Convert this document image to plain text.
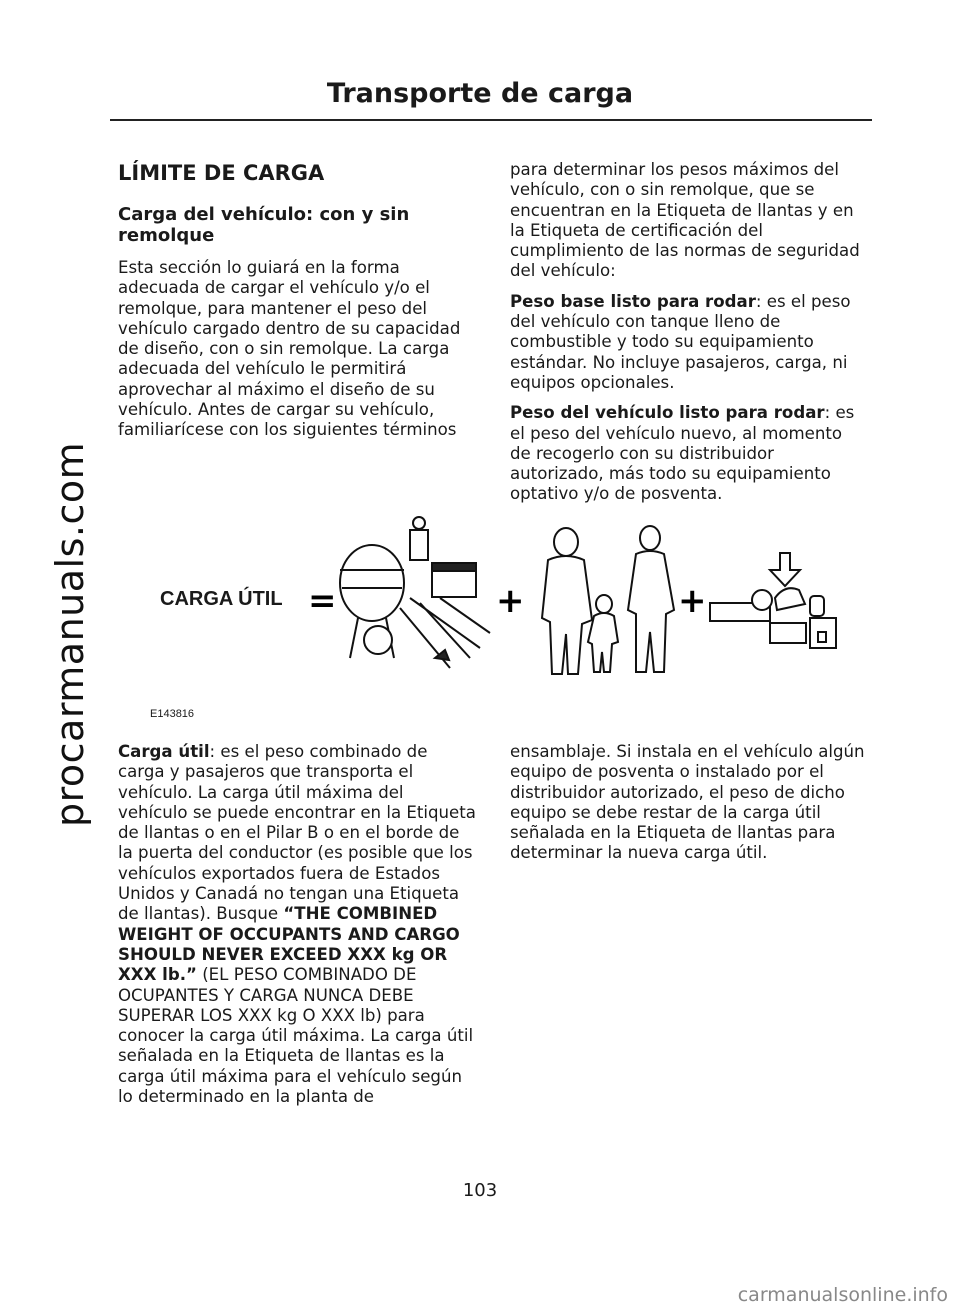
procarmanuals.com
Transporte de carga
LÍMITE DE CARGA
Carga del vehículo: con y sin remolque

Esta sección lo guiará en la forma adecuada de cargar el vehículo y/o el remolque, para mantener el peso del vehículo cargado dentro de su capacidad de diseño, con o sin remolque. La carga adecuada del vehículo le permitirá aprovechar al máximo el diseño de su vehículo. Antes de cargar su vehículo, familiarícese con los siguientes términos

para determinar los pesos máximos del vehículo, con o sin remolque, que se encuentran en la Etiqueta de llantas y en la Etiqueta de certificación del cumplimiento de las normas de seguridad del vehículo:

Peso base listo para rodar: es el peso del vehículo con tanque lleno de combustible y todo su equipamiento estándar. No incluye pasajeros, carga, ni equipos opcionales.

Peso del vehículo listo para rodar: es el peso del vehículo nuevo, al momento de recogerlo con su distribuidor autorizado, más todo su equipamiento optativo y/o de posventa.

CARGA ÚTIL =	+	+
E143816

Carga útil: es el peso combinado de carga y pasajeros que transporta el vehículo. La carga útil máxima del vehículo se puede encontrar en la Etiqueta de llantas o en el Pilar B o en el borde de la puerta del conductor (es posible que los vehículos exportados fuera de Estados Unidos y Canadá no tengan una Etiqueta de llantas). Busque “THE COMBINED WEIGHT OF OCCUPANTS AND CARGO SHOULD NEVER EXCEED XXX kg OR XXX lb.” (EL PESO COMBINADO DE OCUPANTES Y CARGA NUNCA DEBE SUPERAR LOS XXX kg O XXX lb) para conocer la carga útil máxima. La carga útil señalada en la Etiqueta de llantas es la carga útil máxima para el vehículo según lo determinado en la planta de

ensamblaje. Si instala en el vehículo algún equipo de posventa o instalado por el distribuidor autorizado, el peso de dicho equipo se debe restar de la carga útil señalada en la Etiqueta de llantas para determinar la nueva carga útil.

103
carmanualsonline.info
